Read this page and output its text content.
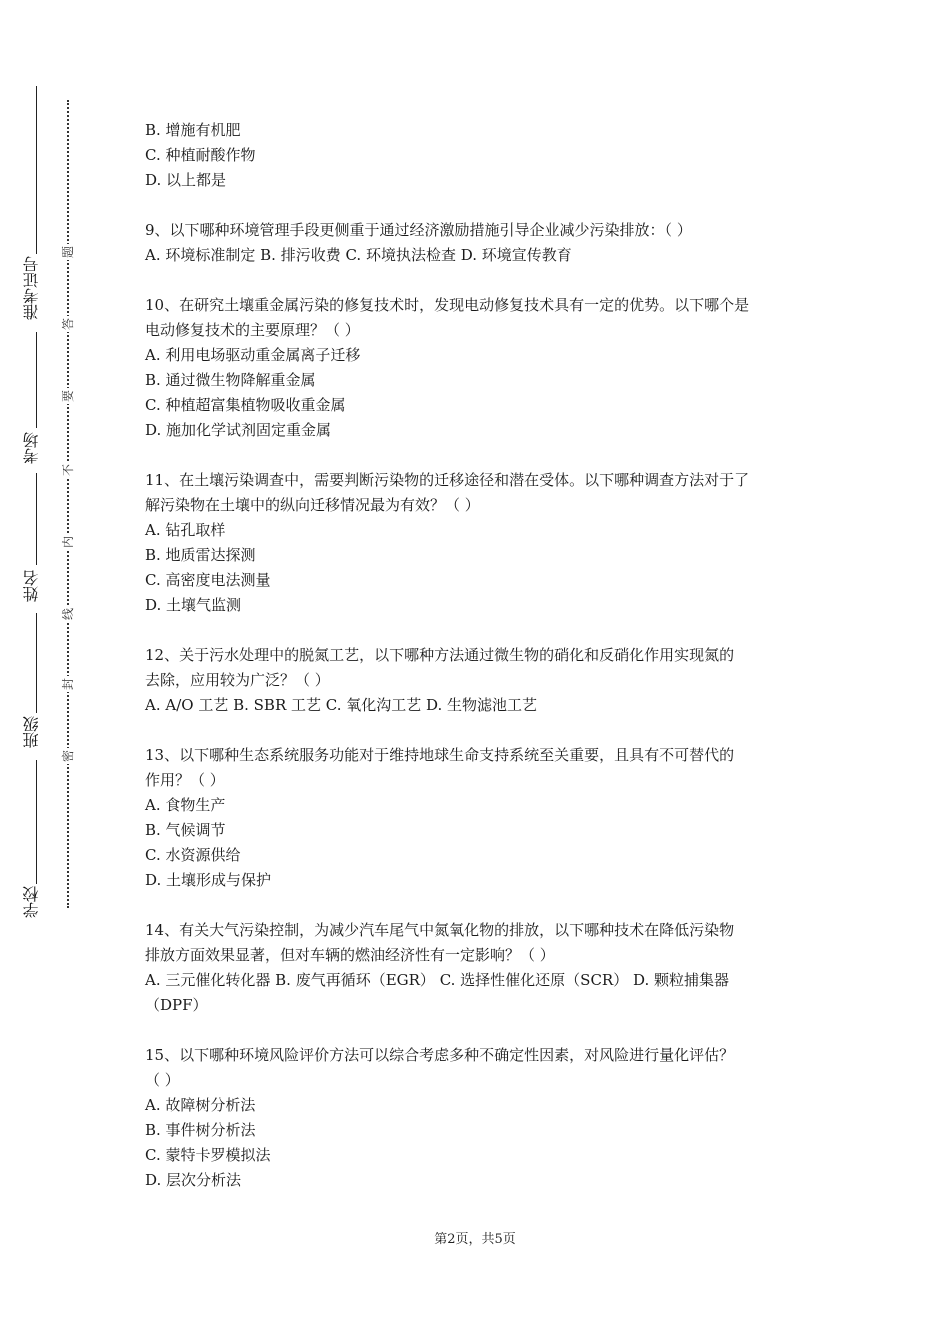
准考证号
考场
姓名
班级
学校
题
答
要
不
内
线
封
密
B. 增施有机肥
C. 种植耐酸作物
D. 以上都是
9、以下哪种环境管理手段更侧重于通过经济激励措施引导企业减少污染排放：（ ）
A. 环境标准制定 B. 排污收费 C. 环境执法检查 D. 环境宣传教育
10、在研究土壤重金属污染的修复技术时，发现电动修复技术具有一定的优势。以下哪个是
电动修复技术的主要原理？（ ）
A. 利用电场驱动重金属离子迁移
B. 通过微生物降解重金属
C. 种植超富集植物吸收重金属
D. 施加化学试剂固定重金属
11、在土壤污染调查中，需要判断污染物的迁移途径和潜在受体。以下哪种调查方法对于了
解污染物在土壤中的纵向迁移情况最为有效？（ ）
A. 钻孔取样
B. 地质雷达探测
C. 高密度电法测量
D. 土壤气监测
12、关于污水处理中的脱氮工艺，以下哪种方法通过微生物的硝化和反硝化作用实现氮的
去除，应用较为广泛？（ ）
A. A/O 工艺 B. SBR 工艺 C. 氧化沟工艺 D. 生物滤池工艺
13、以下哪种生态系统服务功能对于维持地球生命支持系统至关重要，且具有不可替代的
作用？（ ）
A. 食物生产
B. 气候调节
C. 水资源供给
D. 土壤形成与保护
14、有关大气污染控制，为减少汽车尾气中氮氧化物的排放，以下哪种技术在降低污染物
排放方面效果显著，但对车辆的燃油经济性有一定影响？（ ）
A. 三元催化转化器 B. 废气再循环（EGR） C. 选择性催化还原（SCR） D. 颗粒捕集器
（DPF）
15、以下哪种环境风险评价方法可以综合考虑多种不确定性因素，对风险进行量化评估？
（ ）
A. 故障树分析法
B. 事件树分析法
C. 蒙特卡罗模拟法
D. 层次分析法
第2页，共5页
